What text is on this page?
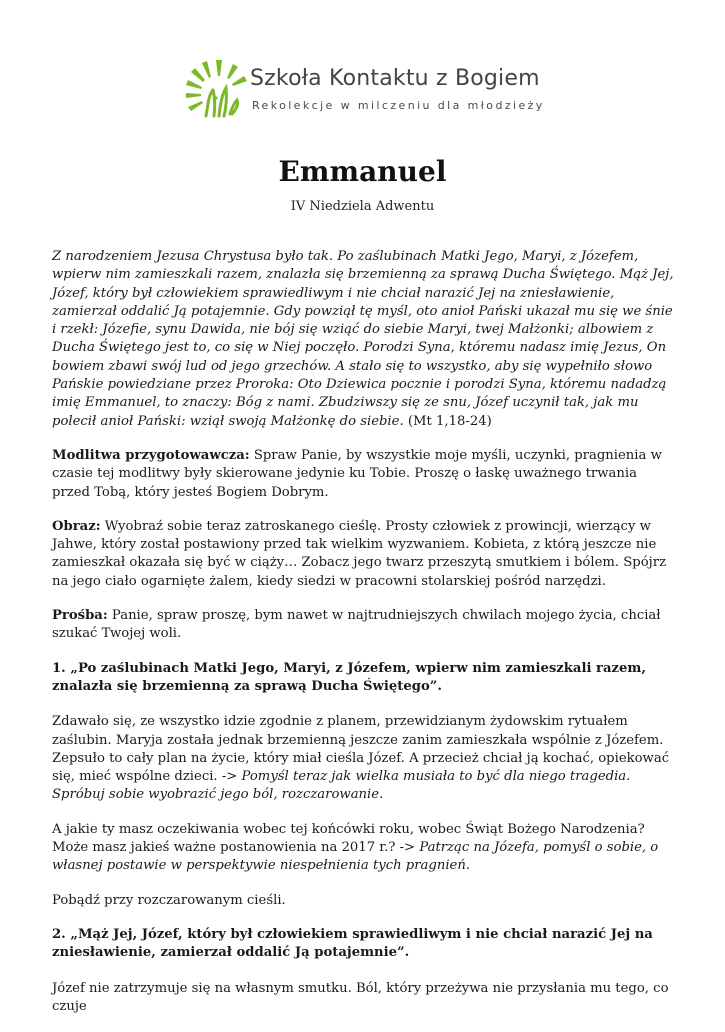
Szkoła Kontaktu z Bogiem
Rekolekcje w milczeniu dla młodzieży
Emmanuel
IV Niedziela Adwentu

Z narodzeniem Jezusa Chrystusa było tak. Po zaślubinach Matki Jego, Maryi, z Józefem, wpierw nim zamieszkali razem, znalazła się brzemienną za sprawą Ducha Świętego. Mąż Jej, Józef, który był człowiekiem sprawiedliwym i nie chciał narazić Jej na zniesławienie, zamierzał oddalić Ją potajemnie. Gdy powziął tę myśl, oto anioł Pański ukazał mu się we śnie i rzekł: Józefie, synu Dawida, nie bój się wziąć do siebie Maryi, twej Małżonki; albowiem z Ducha Świętego jest to, co się w Niej poczęło. Porodzi Syna, któremu nadasz imię Jezus, On bowiem zbawi swój lud od jego grzechów. A stało się to wszystko, aby się wypełniło słowo Pańskie powiedziane przez Proroka: Oto Dziewica pocznie i porodzi Syna, któremu nadadzą imię Emmanuel, to znaczy: Bóg z nami. Zbudziwszy się ze snu, Józef uczynił tak, jak mu polecił anioł Pański: wziął swoją Małżonkę do siebie. (Mt 1,18-24)

Modlitwa przygotowawcza: Spraw Panie, by wszystkie moje myśli, uczynki, pragnienia w czasie tej modlitwy były skierowane jedynie ku Tobie. Proszę o łaskę uważnego trwania przed Tobą, który jesteś Bogiem Dobrym.

Obraz: Wyobraź sobie teraz zatroskanego cieślę. Prosty człowiek z prowincji, wierzący w Jahwe, który został postawiony przed tak wielkim wyzwaniem. Kobieta, z którą jeszcze nie zamieszkał okazała się być w ciąży… Zobacz jego twarz przeszytą smutkiem i bólem. Spójrz na jego ciało ogarnięte żalem, kiedy siedzi w pracowni stolarskiej pośród narzędzi.

Prośba: Panie, spraw proszę, bym nawet w najtrudniejszych chwilach mojego życia, chciał szukać Twojej woli.

1. „Po zaślubinach Matki Jego, Maryi, z Józefem, wpierw nim zamieszkali razem, znalazła się brzemienną za sprawą Ducha Świętego”.

Zdawało się, ze wszystko idzie zgodnie z planem, przewidzianym żydowskim rytuałem zaślubin. Maryja została jednak brzemienną jeszcze zanim zamieszkała wspólnie z Józefem. Zepsuło to cały plan na życie, który miał cieśla Józef. A przecież chciał ją kochać, opiekować się, mieć wspólne dzieci. -> Pomyśl teraz jak wielka musiała to być dla niego tragedia. Spróbuj sobie wyobrazić jego ból, rozczarowanie.

A jakie ty masz oczekiwania wobec tej końcówki roku, wobec Świąt Bożego Narodzenia? Może masz jakieś ważne postanowienia na 2017 r.? -> Patrząc na Józefa, pomyśl o sobie, o własnej postawie w perspektywie niespełnienia tych pragnień.

Pobądź przy rozczarowanym cieśli.

2. „Mąż Jej, Józef, który był człowiekiem sprawiedliwym i nie chciał narazić Jej na zniesławienie, zamierzał oddalić Ją potajemnie”.

Józef nie zatrzymuje się na własnym smutku. Ból, który przeżywa nie przysłania mu tego, co czuje
